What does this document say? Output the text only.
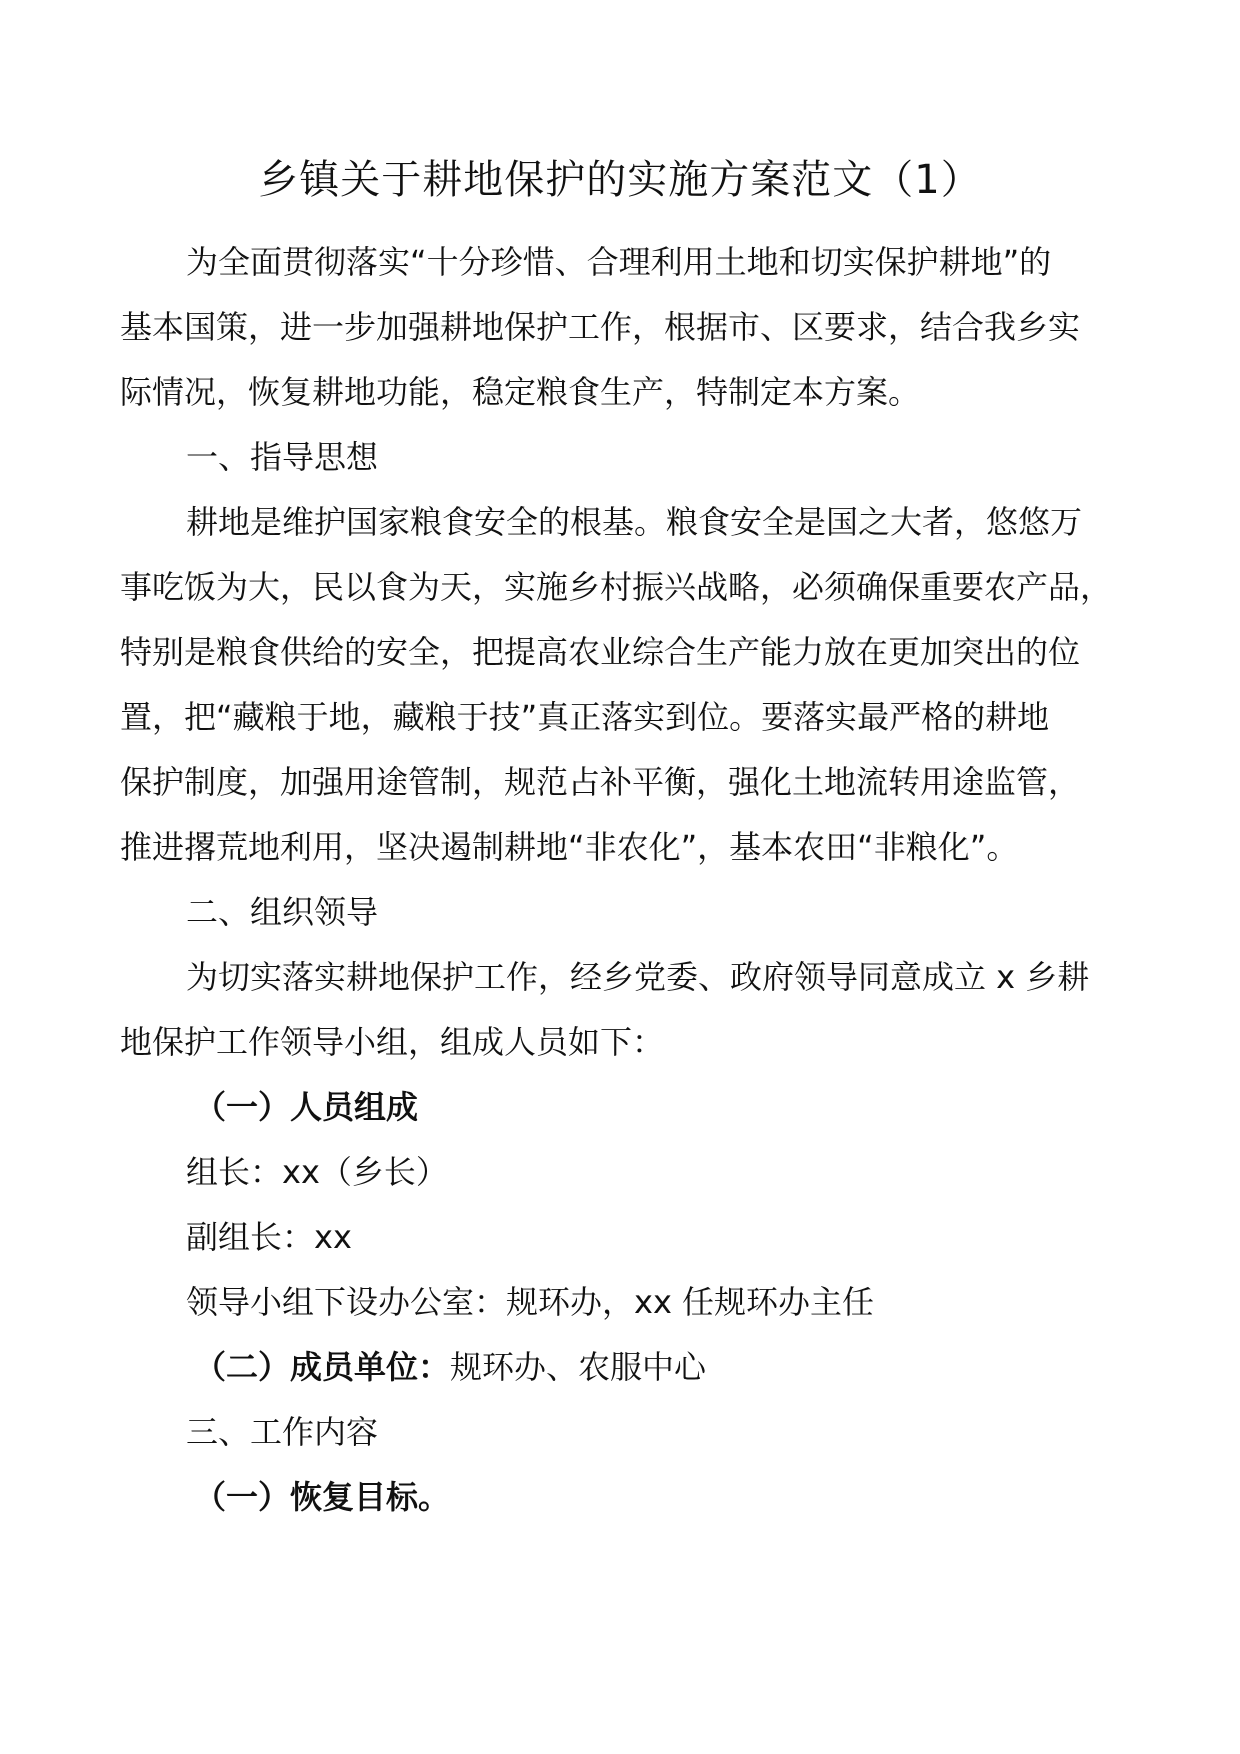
乡镇关于耕地保护的实施方案范文（1）
为全面贯彻落实“十分珍惜、合理利用土地和切实保护耕地”的
基本国策，进一步加强耕地保护工作，根据市、区要求，结合我乡实
际情况，恢复耕地功能，稳定粮食生产，特制定本方案。
一、指导思想
耕地是维护国家粮食安全的根基。粮食安全是国之大者，悠悠万
事吃饭为大，民以食为天，实施乡村振兴战略，必须确保重要农产品，
特别是粮食供给的安全，把提高农业综合生产能力放在更加突出的位
置，把“藏粮于地，藏粮于技”真正落实到位。要落实最严格的耕地
保护制度，加强用途管制，规范占补平衡，强化土地流转用途监管，
推进撂荒地利用，坚决遏制耕地“非农化”，基本农田“非粮化”。
二、组织领导
为切实落实耕地保护工作，经乡党委、政府领导同意成立 x 乡耕
地保护工作领导小组，组成人员如下：
（一）人员组成
组长：xx（乡长）
副组长：xx
领导小组下设办公室：规环办，xx 任规环办主任
（二）成员单位：规环办、农服中心
三、工作内容
（一）恢复目标。
